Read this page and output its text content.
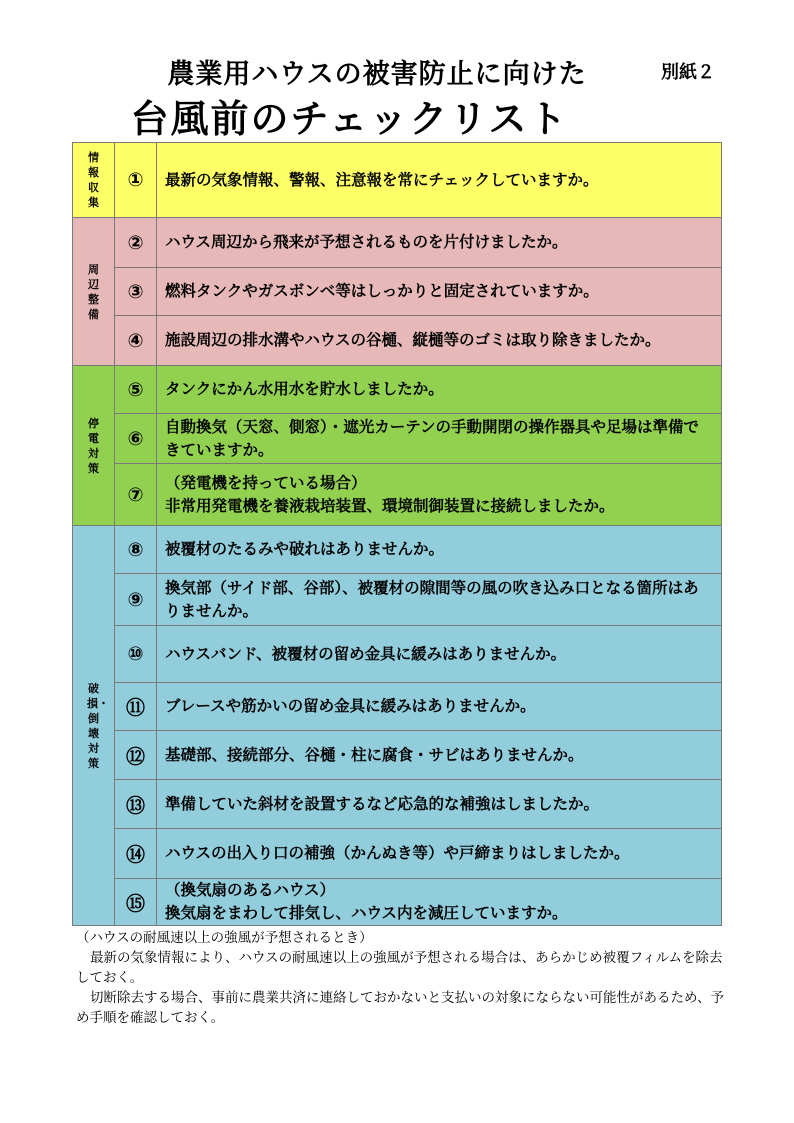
農業用ハウスの被害防止に向けた
台風前のチェックリスト
別紙２
情報収集	①	最新の気象情報、警報、注意報を常にチェックしていますか。
周辺整備	②	ハウス周辺から飛来が予想されるものを片付けましたか。
	③	燃料タンクやガスボンベ等はしっかりと固定されていますか。
	④	施設周辺の排水溝やハウスの谷樋、縦樋等のゴミは取り除きましたか。
停電対策	⑤	タンクにかん水用水を貯水しましたか。
	⑥	自動換気（天窓、側窓）・遮光カーテンの手動開閉の操作器具や足場は準備できていますか。
	⑦	（発電機を持っている場合）
非常用発電機を養液栽培装置、環境制御装置に接続しましたか。

破損・倒壊対策	⑧	被覆材のたるみや破れはありませんか。
	⑨	換気部（サイド部、谷部）、被覆材の隙間等の風の吹き込み口となる箇所はありませんか。
	⑩	ハウスバンド、被覆材の留め金具に緩みはありませんか。
	⑪	ブレースや筋かいの留め金具に緩みはありませんか。
	⑫	基礎部、接続部分、谷樋・柱に腐食・サビはありませんか。
	⑬	準備していた斜材を設置するなど応急的な補強はしましたか。
	⑭	ハウスの出入り口の補強（かんぬき等）や戸締まりはしましたか。
	⑮	（換気扇のあるハウス）
換気扇をまわして排気し、ハウス内を減圧していますか。

（ハウスの耐風速以上の強風が予想されるとき）

最新の気象情報により、ハウスの耐風速以上の強風が予想される場合は、あらかじめ被覆フィルムを除去しておく。

切断除去する場合、事前に農業共済に連絡しておかないと支払いの対象にならない可能性があるため、予め手順を確認しておく。
